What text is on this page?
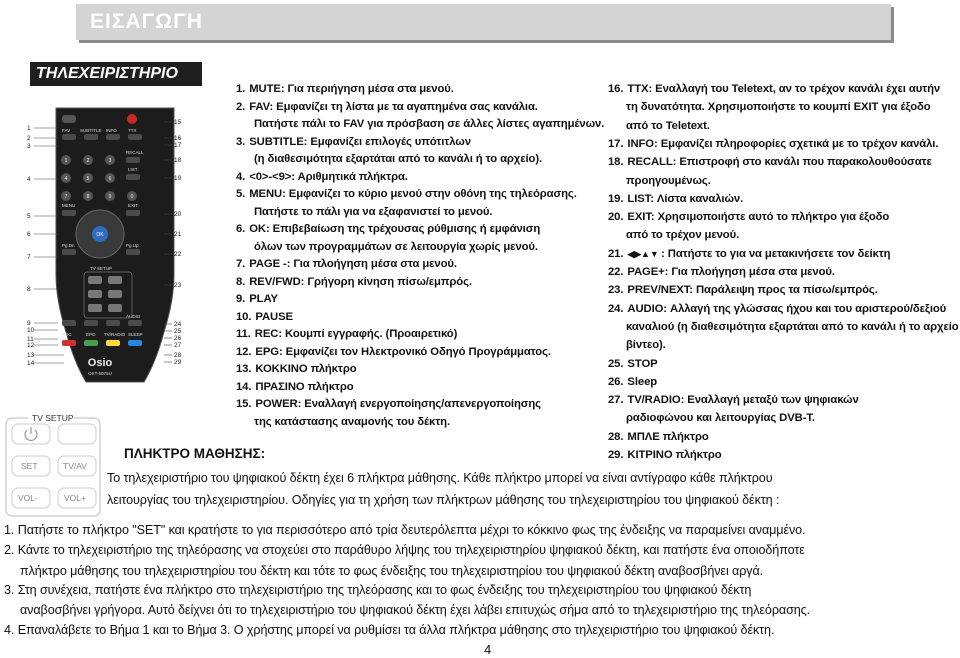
ΕΙΣΑΓΩΓΗ
ΤΗΛΕΧΕΙΡΙΣΤΗΡΙΟ
1
2
3
4
5
6
7
8
9
10
11
12
13
14
15
16
17
18
19
20
21
22
23
24
25
26
27
28
29
FAV SUBTITLE INFO	TTX
RECALL
LIST
MENU	EXIT
Pg.Dn	Pg.Up
TV SETUP
AUDIO
REC	EPG TV/RADIO SLEEP
1	2	3
4	5	6
7	8	9	0
OK
Osio
OST-5075U
TV SETUP
SET	TV/AV
VOL-	VOL+
1. MUTE: Για περιήγηση μέσα στα μενού.
2. FAV: Εμφανίζει τη λίστα με τα αγαπημένα σας κανάλια.
Πατήστε πάλι το FAV για πρόσβαση σε άλλες λίστες αγαπημένων.
3. SUBTITLE: Εμφανίζει επιλογές υπότιτλων
(η διαθεσιμότητα εξαρτάται από το κανάλι ή το αρχείο).
4. <0>-<9>: Αριθμητικά πλήκτρα.
5. MENU: Εμφανίζει το κύριο μενού στην οθόνη της τηλεόρασης.
Πατήστε το πάλι για να εξαφανιστεί το μενού.
6. OK: Επιβεβαίωση της τρέχουσας ρύθμισης ή εμφάνιση
όλων των προγραμμάτων σε λειτουργία χωρίς μενού.
7. PAGE -: Για πλοήγηση μέσα στα μενού.
8. REV/FWD: Γρήγορη κίνηση πίσω/εμπρός.
9. PLAY
10. PAUSE
11. REC: Κουμπί εγγραφής. (Προαιρετικό)
12. EPG: Εμφανίζει τον Ηλεκτρονικό Οδηγό Προγράμματος.
13. ΚΟΚΚΙΝΟ πλήκτρο
14. ΠΡΑΣΙΝΟ πλήκτρο
15. POWER: Εναλλαγή ενεργοποίησης/απενεργοποίησης
της κατάστασης αναμονής του δέκτη.
16. TTX: Εναλλαγή του Teletext, αν το τρέχον κανάλι έχει αυτήν
τη δυνατότητα. Χρησιμοποιήστε το κουμπί EXIT για έξοδο
από το Teletext.
17. INFO: Εμφανίζει πληροφορίες σχετικά με το τρέχον κανάλι.
18. RECALL: Επιστροφή στο κανάλι που παρακολουθούσατε
προηγουμένως.
19. LIST: Λίστα καναλιών.
20. EXIT: Χρησιμοποιήστε αυτό το πλήκτρο για έξοδο
από το τρέχον μενού.
21. ◀▶▲▼ : Πατήστε το για να μετακινήσετε τον δείκτη
22. PAGE+: Για πλοήγηση μέσα στα μενού.
23. PREV/NEXT: Παράλειψη προς τα πίσω/εμπρός.
24. AUDIO: Αλλαγή της γλώσσας ήχου και του αριστερού/δεξιού
καναλιού (η διαθεσιμότητα εξαρτάται από το κανάλι ή το αρχείο
βίντεο).
25. STOP
26. Sleep
27. TV/RADIO: Εναλλαγή μεταξύ των ψηφιακών
ραδιοφώνου και λειτουργίας DVB-T.
28. ΜΠΛΕ πλήκτρο
29. ΚΙΤΡΙΝΟ πλήκτρο
ΠΛΗΚΤΡΟ ΜΑΘΗΣΗΣ:
Το τηλεχειριστήριο του ψηφιακού δέκτη έχει 6 πλήκτρα μάθησης. Κάθε πλήκτρο μπορεί να είναι αντίγραφο κάθε πλήκτρου
λειτουργίας του τηλεχειριστηρίου. Οδηγίες για τη χρήση των πλήκτρων μάθησης του τηλεχειριστηρίου του ψηφιακού δέκτη :
1. Πατήστε το πλήκτρο "SET" και κρατήστε το για περισσότερο από τρία δευτερόλεπτα μέχρι το κόκκινο φως της ένδειξης να παραμείνει αναμμένο.
2. Κάντε το τηλεχειριστήριο της τηλεόρασης να στοχεύει στο παράθυρο λήψης του τηλεχειριστηρίου ψηφιακού δέκτη, και πατήστε ένα οποιοδήποτε
πλήκτρο μάθησης του τηλεχειριστηρίου του δέκτη και τότε το φως ένδειξης του τηλεχειριστηρίου του ψηφιακού δέκτη αναβοσβήνει αργά.
3. Στη συνέχεια, πατήστε ένα πλήκτρο στο τηλεχειριστήριο της τηλεόρασης και το φως ένδειξης του τηλεχειριστηρίου του ψηφιακού δέκτη
αναβοσβήνει γρήγορα. Αυτό δείχνει ότι το τηλεχειριστήριο του ψηφιακού δέκτη έχει λάβει επιτυχώς σήμα από το τηλεχειριστήριο της τηλεόρασης.
4. Επαναλάβετε το Βήμα 1 και το Βήμα 3. Ο χρήστης μπορεί να ρυθμίσει τα άλλα πλήκτρα μάθησης στο τηλεχειριστήριο του ψηφιακού δέκτη.
4
